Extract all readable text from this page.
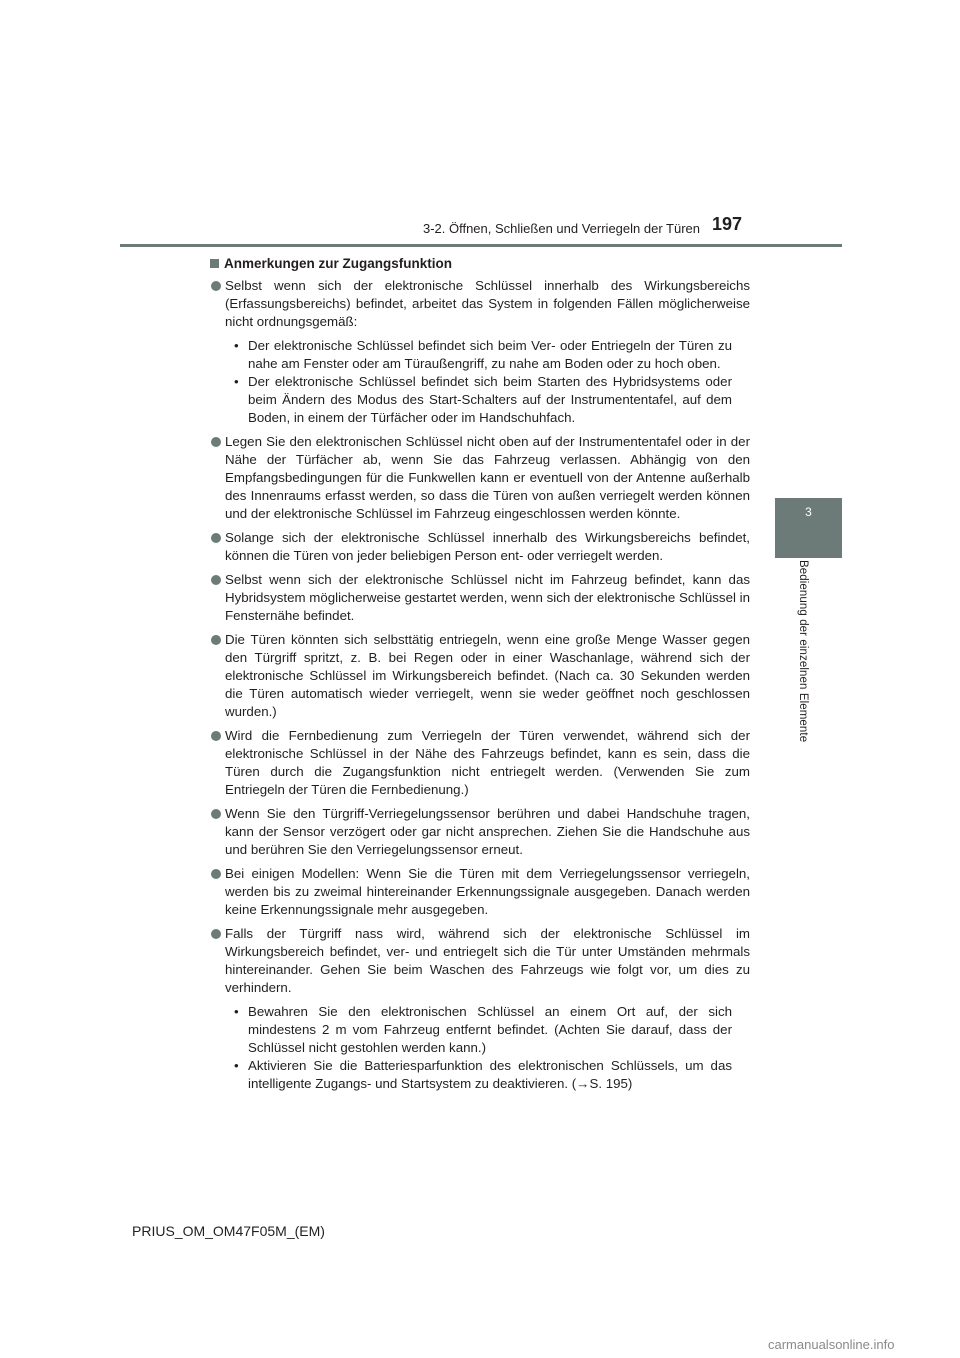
3-2. Öffnen, Schließen und Verriegeln der Türen 197
3
Bedienung der einzelnen Elemente
Anmerkungen zur Zugangsfunktion
Selbst wenn sich der elektronische Schlüssel innerhalb des Wirkungsbereichs (Erfassungsbereichs) befindet, arbeitet das System in folgenden Fällen möglicherweise nicht ordnungsgemäß:
• Der elektronische Schlüssel befindet sich beim Ver- oder Entriegeln der Türen zu nahe am Fenster oder am Türaußengriff, zu nahe am Boden oder zu hoch oben.
• Der elektronische Schlüssel befindet sich beim Starten des Hybridsystems oder beim Ändern des Modus des Start-Schalters auf der Instrumententafel, auf dem Boden, in einem der Türfächer oder im Handschuhfach.
Legen Sie den elektronischen Schlüssel nicht oben auf der Instrumententafel oder in der Nähe der Türfächer ab, wenn Sie das Fahrzeug verlassen. Abhängig von den Empfangsbedingungen für die Funkwellen kann er eventuell von der Antenne außerhalb des Innenraums erfasst werden, so dass die Türen von außen verriegelt werden können und der elektronische Schlüssel im Fahrzeug eingeschlossen werden könnte.
Solange sich der elektronische Schlüssel innerhalb des Wirkungsbereichs befindet, können die Türen von jeder beliebigen Person ent- oder verriegelt werden.
Selbst wenn sich der elektronische Schlüssel nicht im Fahrzeug befindet, kann das Hybridsystem möglicherweise gestartet werden, wenn sich der elektronische Schlüssel in Fensternähe befindet.
Die Türen könnten sich selbsttätig entriegeln, wenn eine große Menge Wasser gegen den Türgriff spritzt, z. B. bei Regen oder in einer Waschanlage, während sich der elektronische Schlüssel im Wirkungsbereich befindet. (Nach ca. 30 Sekunden werden die Türen automatisch wieder verriegelt, wenn sie weder geöffnet noch geschlossen wurden.)
Wird die Fernbedienung zum Verriegeln der Türen verwendet, während sich der elektronische Schlüssel in der Nähe des Fahrzeugs befindet, kann es sein, dass die Türen durch die Zugangsfunktion nicht entriegelt werden. (Verwenden Sie zum Entriegeln der Türen die Fernbedienung.)
Wenn Sie den Türgriff-Verriegelungssensor berühren und dabei Handschuhe tragen, kann der Sensor verzögert oder gar nicht ansprechen. Ziehen Sie die Handschuhe aus und berühren Sie den Verriegelungssensor erneut.
Bei einigen Modellen: Wenn Sie die Türen mit dem Verriegelungssensor verriegeln, werden bis zu zweimal hintereinander Erkennungssignale ausgegeben. Danach werden keine Erkennungssignale mehr ausgegeben.
Falls der Türgriff nass wird, während sich der elektronische Schlüssel im Wirkungsbereich befindet, ver- und entriegelt sich die Tür unter Umständen mehrmals hintereinander. Gehen Sie beim Waschen des Fahrzeugs wie folgt vor, um dies zu verhindern.
• Bewahren Sie den elektronischen Schlüssel an einem Ort auf, der sich mindestens 2 m vom Fahrzeug entfernt befindet. (Achten Sie darauf, dass der Schlüssel nicht gestohlen werden kann.)
• Aktivieren Sie die Batteriesparfunktion des elektronischen Schlüssels, um das intelligente Zugangs- und Startsystem zu deaktivieren. (→S. 195)
PRIUS_OM_OM47F05M_(EM)
carmanualsonline.info
